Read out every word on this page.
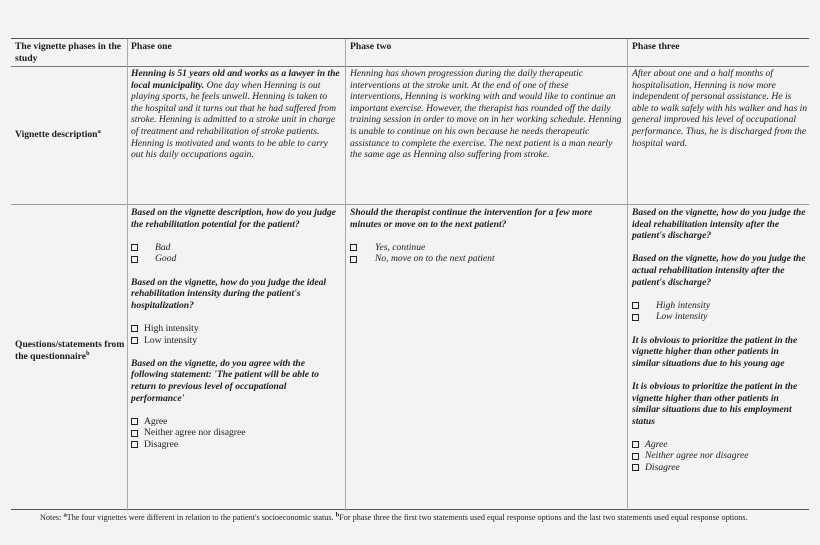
The vignette phases in the study
Phase one	Phase two	Phase three
Vignette description$^a$
Henning is 51 years old and works as a lawyer in the local municipality. One day when Henning is out playing sports, he feels unwell. Henning is taken to the hospital and it turns out that he had suffered from stroke. Henning is admitted to a stroke unit in charge of treatment and rehabilitation of stroke patients. Henning is motivated and wants to be able to carry out his daily occupations again.
Henning has shown progression during the daily therapeutic interventions at the stroke unit. At the end of one of these interventions, Henning is working with and would like to continue an important exercise. However, the therapist has rounded off the daily training session in order to move on in her working schedule. Henning is unable to continue on his own because he needs therapeutic assistance to complete the exercise. The next patient is a man nearly the same age as Henning also suffering from stroke.
After about one and a half months of hospitalisation, Henning is now more independent of personal assistance. He is able to walk safely with his walker and has in general improved his level of occupational performance. Thus, he is discharged from the hospital ward.
Questions/statements from the questionnaire$^b$
Based on the vignette description, how do you judge the rehabilitation potential for the patient?
Bad
Good
Based on the vignette, how do you judge the ideal rehabilitation intensity during the patient's hospitalization?
High intensity
Low intensity
Based on the vignette, do you agree with the following statement: 'The patient will be able to return to previous level of occupational performance'
Agree
Neither agree nor disagree
Disagree
Should the therapist continue the intervention for a few more minutes or move on to the next patient?
Yes, continue
No, move on to the next patient
Based on the vignette, how do you judge the ideal rehabilitation intensity after the patient's discharge?
Based on the vignette, how do you judge the actual rehabilitation intensity after the patient's discharge?
High intensity
Low intensity
It is obvious to prioritize the patient in the vignette higher than other patients in similar situations due to his young age
It is obvious to prioritize the patient in the vignette higher than other patients in similar situations due to his employment status
Agree
Neither agree nor disagree
Disagree
Notes: $^a$The four vignettes were different in relation to the patient's socioeconomic status. $^b$For phase three the first two statements used equal response options and the last two statements used equal response options.
